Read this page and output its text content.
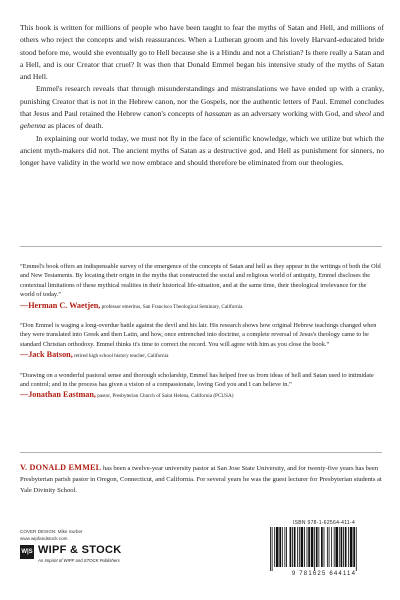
This book is written for millions of people who have been taught to fear the myths of Satan and Hell, and millions of others who reject the concepts and wish reassurances. When a Lutheran groom and his lovely Harvard-educated bride stood before me, would she eventually go to Hell because she is a Hindu and not a Christian? Is there really a Satan and a Hell, and is our Creator that cruel? It was then that Donald Emmel began his intensive study of the myths of Satan and Hell.

Emmel's research reveals that through misunderstandings and mistranslations we have ended up with a cranky, punishing Creator that is not in the Hebrew canon, nor the Gospels, nor the authentic letters of Paul. Emmel concludes that Jesus and Paul retained the Hebrew canon's concepts of hassatan as an adversary working with God, and sheol and gehenna as places of death.

In explaining our world today, we must not fly in the face of scientific knowledge, which we utilize but which the ancient myth-makers did not. The ancient myths of Satan as a destructive god, and Hell as punishment for sinners, no longer have validity in the world we now embrace and should therefore be eliminated from our theologies.

“Emmel's book offers an indispensable survey of the emergence of the concepts of Satan and hell as they appear in the writings of both the Old and New Testaments. By locating their origin in the myths that constructed the social and religious world of antiquity, Emmel discloses the contextual limitations of these mythical realities in their historical life-situation, and at the same time, their theological irrelevance for the world of today.”
—Herman C. Waetjen, professor emeritus, San Francisco Theological Seminary, California
“Don Emmel is waging a long-overdue battle against the devil and his lair. His research shows how original Hebrew teachings changed when they were translated into Greek and then Latin, and how, once entrenched into doctrine, a complete reversal of Jesus's theology came to be standard Christian orthodoxy. Emmel thinks it's time to correct the record. You will agree with him as you close the book.”
—Jack Batson, retired high school history teacher, California
“Drawing on a wonderful pastoral sense and thorough scholarship, Emmel has helped free us from ideas of hell and Satan used to intimidate and control; and in the process has given a vision of a compassionate, loving God you and I can believe in.”
—Jonathan Eastman, pastor, Presbyterian Church of Saint Helena, California (PCUSA)
V. DONALD EMMEL has been a twelve-year university pastor at San Jose State University, and for twenty-five years has been Presbyterian parish pastor in Oregon, Connecticut, and California. For several years he was the guest lecturer for Presbyterian students at Yale Divinity School.
COVER DESIGN: Mike Surber
www.wipfandstock.com
W|S WIPF & STOCK
An Imprint of WIPF and STOCK Publishers
ISBN 978-1-62564-411-4
9 781625 644114
